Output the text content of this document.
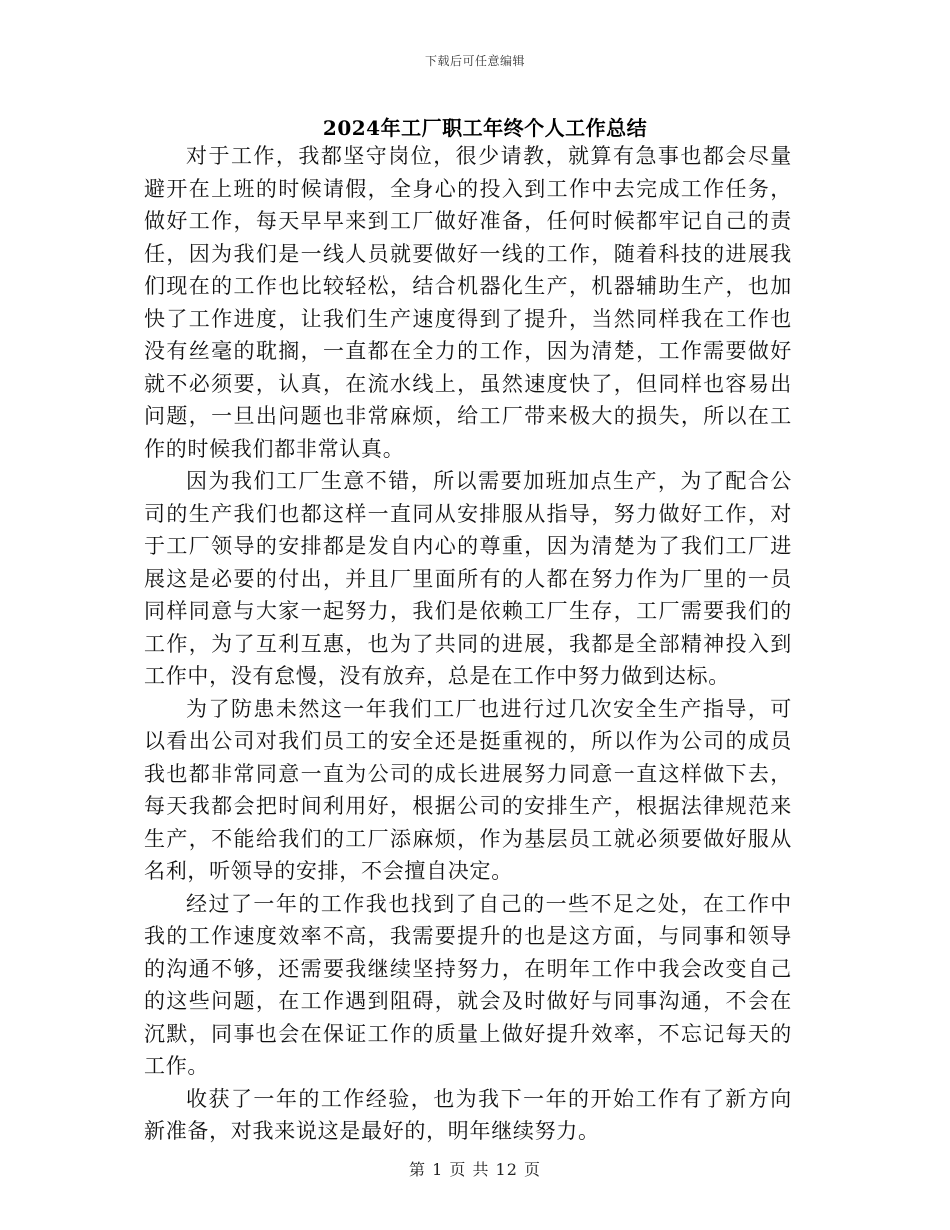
下载后可任意编辑
2024年工厂职工年终个人工作总结

对于工作，我都坚守岗位，很少请教，就算有急事也都会尽量避开在上班的时候请假，全身心的投入到工作中去完成工作任务，做好工作，每天早早来到工厂做好准备，任何时候都牢记自己的责任，因为我们是一线人员就要做好一线的工作，随着科技的进展我们现在的工作也比较轻松，结合机器化生产，机器辅助生产，也加快了工作进度，让我们生产速度得到了提升，当然同样我在工作也没有丝毫的耽搁，一直都在全力的工作，因为清楚，工作需要做好就不必须要，认真，在流水线上，虽然速度快了，但同样也容易出问题，一旦出问题也非常麻烦，给工厂带来极大的损失，所以在工作的时候我们都非常认真。

因为我们工厂生意不错，所以需要加班加点生产，为了配合公司的生产我们也都这样一直同从安排服从指导，努力做好工作，对于工厂领导的安排都是发自内心的尊重，因为清楚为了我们工厂进展这是必要的付出，并且厂里面所有的人都在努力作为厂里的一员同样同意与大家一起努力，我们是依赖工厂生存，工厂需要我们的工作，为了互利互惠，也为了共同的进展，我都是全部精神投入到工作中，没有怠慢，没有放弃，总是在工作中努力做到达标。

为了防患未然这一年我们工厂也进行过几次安全生产指导，可以看出公司对我们员工的安全还是挺重视的，所以作为公司的成员我也都非常同意一直为公司的成长进展努力同意一直这样做下去，每天我都会把时间利用好，根据公司的安排生产，根据法律规范来生产，不能给我们的工厂添麻烦，作为基层员工就必须要做好服从名利，听领导的安排，不会擅自决定。

经过了一年的工作我也找到了自己的一些不足之处，在工作中我的工作速度效率不高，我需要提升的也是这方面，与同事和领导的沟通不够，还需要我继续坚持努力，在明年工作中我会改变自己的这些问题，在工作遇到阻碍，就会及时做好与同事沟通，不会在沉默，同事也会在保证工作的质量上做好提升效率，不忘记每天的工作。

收获了一年的工作经验，也为我下一年的开始工作有了新方向新准备，对我来说这是最好的，明年继续努力。

第 1 页 共 12 页
